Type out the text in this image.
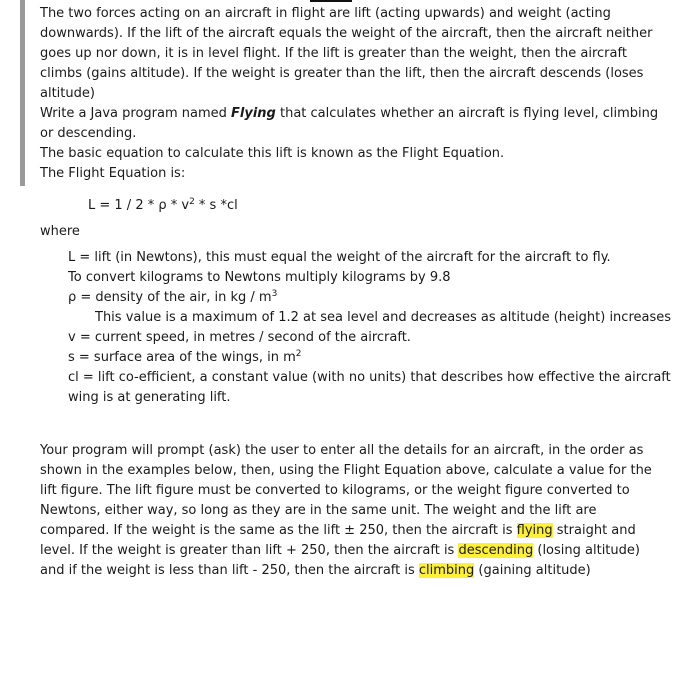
The two forces acting on an aircraft in flight are lift (acting upwards) and weight (acting downwards). If the lift of the aircraft equals the weight of the aircraft, then the aircraft neither goes up nor down, it is in level flight. If the lift is greater than the weight, then the aircraft climbs (gains altitude). If the weight is greater than the lift, then the aircraft descends (loses altitude)

Write a Java program named Flying that calculates whether an aircraft is flying level, climbing or descending.

The basic equation to calculate this lift is known as the Flight Equation.

The Flight Equation is:

$L = 1 / 2 * \rho * v^2 * s$ *cl
where

L = lift (in Newtons), this must equal the weight of the aircraft for the aircraft to fly.

To convert kilograms to Newtons multiply kilograms by 9.8

ρ = density of the air, in kg / $m^3$

This value is a maximum of 1.2 at sea level and decreases as altitude (height) increases

v = current speed, in metres / second of the aircraft.

s = surface area of the wings, in $m^2$

cl = lift co-efficient, a constant value (with no units) that describes how effective the aircraft wing is at generating lift.

Your program will prompt (ask) the user to enter all the details for an aircraft, in the order as shown in the examples below, then, using the Flight Equation above, calculate a value for the lift figure. The lift figure must be converted to kilograms, or the weight figure converted to Newtons, either way, so long as they are in the same unit. The weight and the lift are compared. If the weight is the same as the lift ± 250, then the aircraft is flying straight and level. If the weight is greater than lift + 250, then the aircraft is descending (losing altitude) and if the weight is less than lift - 250, then the aircraft is climbing (gaining altitude)
